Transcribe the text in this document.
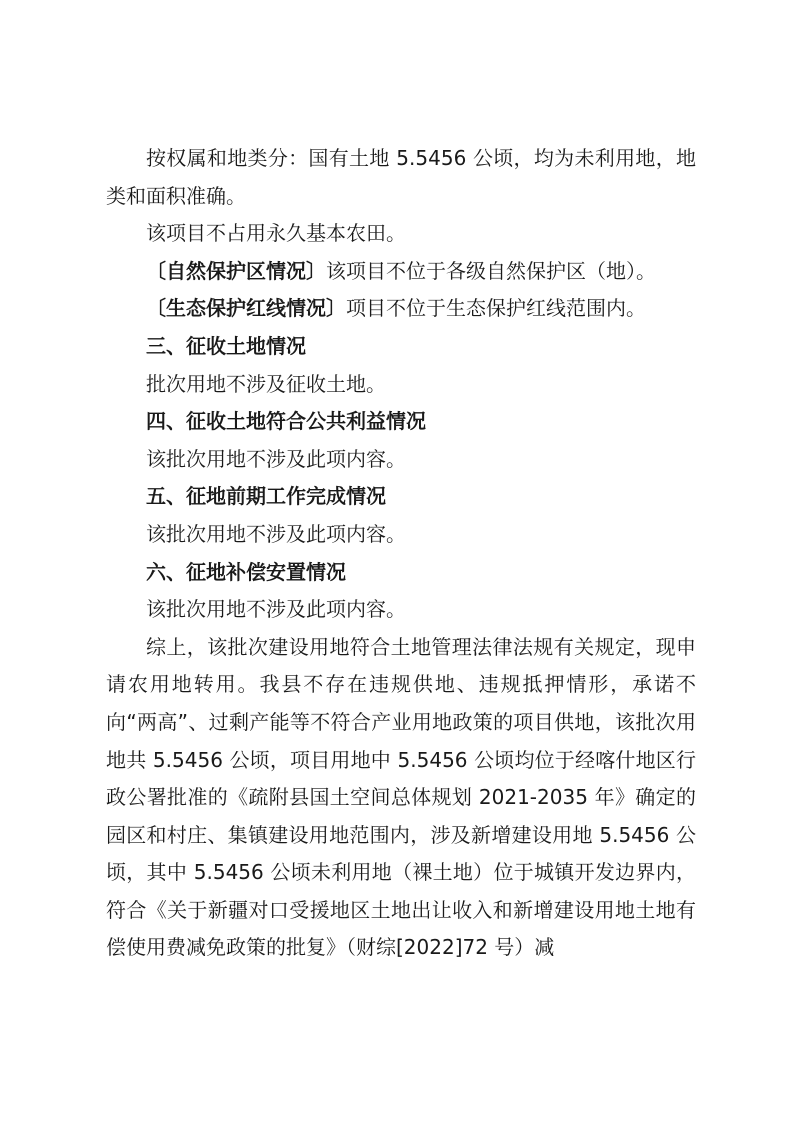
按权属和地类分：国有土地 5.5456 公顷，均为未利用地，地类和面积准确。

该项目不占用永久基本农田。

〔自然保护区情况〕该项目不位于各级自然保护区（地）。

〔生态保护红线情况〕项目不位于生态保护红线范围内。

三、征收土地情况

批次用地不涉及征收土地。

四、征收土地符合公共利益情况

该批次用地不涉及此项内容。

五、征地前期工作完成情况

该批次用地不涉及此项内容。

六、征地补偿安置情况

该批次用地不涉及此项内容。

综上，该批次建设用地符合土地管理法律法规有关规定，现申请农用地转用。我县不存在违规供地、违规抵押情形，承诺不向“两高”、过剩产能等不符合产业用地政策的项目供地，该批次用地共 5.5456 公顷，项目用地中 5.5456 公顷均位于经喀什地区行政公署批准的《疏附县国土空间总体规划 2021-2035 年》确定的园区和村庄、集镇建设用地范围内，涉及新增建设用地 5.5456 公顷，其中 5.5456 公顷未利用地（裸土地）位于城镇开发边界内，符合《关于新疆对口受援地区土地出让收入和新增建设用地土地有偿使用费减免政策的批复》（财综[2022]72 号）减
